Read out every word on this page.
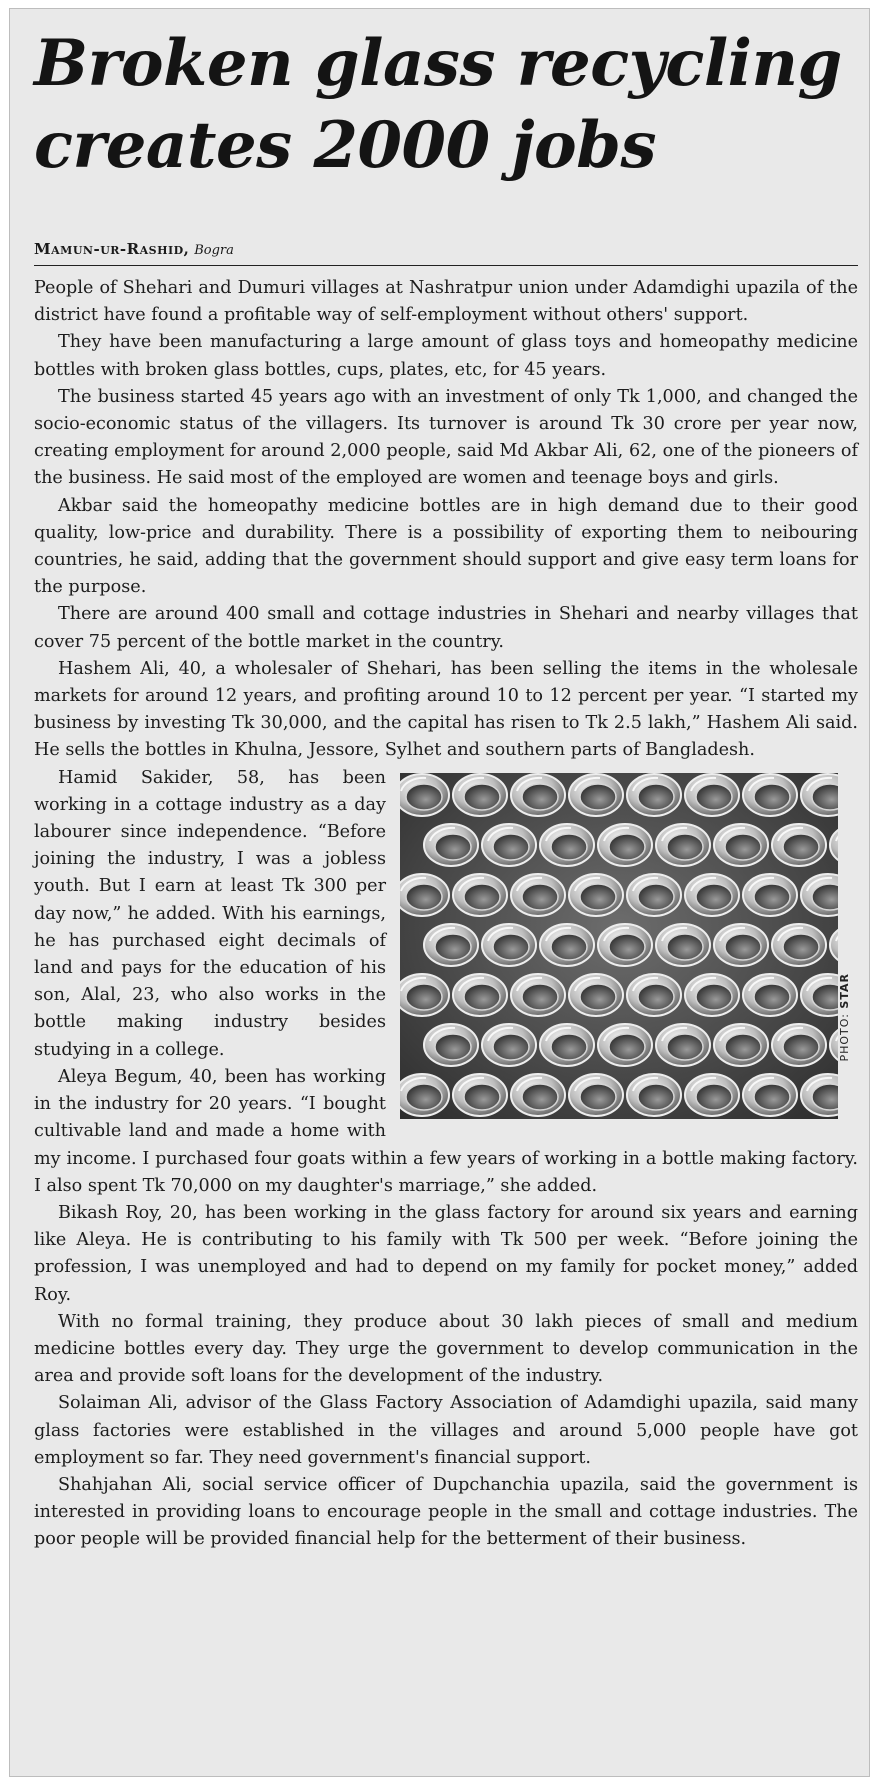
Broken glass recycling creates 2000 jobs
Mamun-ur-Rashid, Bogra

People of Shehari and Dumuri villages at Nashratpur union under Adamdighi upazila of the district have found a profitable way of self-employment without others' support.

They have been manufacturing a large amount of glass toys and homeopathy medicine bottles with broken glass bottles, cups, plates, etc, for 45 years.

The business started 45 years ago with an investment of only Tk 1,000, and changed the socio-economic status of the villagers. Its turnover is around Tk 30 crore per year now, creating employment for around 2,000 people, said Md Akbar Ali, 62, one of the pioneers of the business. He said most of the employed are women and teenage boys and girls.

Akbar said the homeopathy medicine bottles are in high demand due to their good quality, low-price and durability. There is a possibility of exporting them to neibouring countries, he said, adding that the government should support and give easy term loans for the purpose.

There are around 400 small and cottage industries in Shehari and nearby villages that cover 75 percent of the bottle market in the country.

Hashem Ali, 40, a wholesaler of Shehari, has been selling the items in the wholesale markets for around 12 years, and profiting around 10 to 12 percent per year. “I started my business by investing Tk 30,000, and the capital has risen to Tk 2.5 lakh,” Hashem Ali said. He sells the bottles in Khulna, Jessore, Sylhet and southern parts of Bangladesh.

PHOTO: STAR

Hamid Sakider, 58, has been working in a cottage industry as a day labourer since independence. “Before joining the industry, I was a jobless youth. But I earn at least Tk 300 per day now,” he added. With his earnings, he has purchased eight decimals of land and pays for the education of his son, Alal, 23, who also works in the bottle making industry besides studying in a college.

Aleya Begum, 40, been has working in the industry for 20 years. “I bought cultivable land and made a home with my income. I purchased four goats within a few years of working in a bottle making factory. I also spent Tk 70,000 on my daughter's marriage,” she added.

Bikash Roy, 20, has been working in the glass factory for around six years and earning like Aleya. He is contributing to his family with Tk 500 per week. “Before joining the profession, I was unemployed and had to depend on my family for pocket money,” added Roy.

With no formal training, they produce about 30 lakh pieces of small and medium medicine bottles every day. They urge the government to develop communication in the area and provide soft loans for the development of the industry.

Solaiman Ali, advisor of the Glass Factory Association of Adamdighi upazila, said many glass factories were established in the villages and around 5,000 people have got employment so far. They need government's financial support.

Shahjahan Ali, social service officer of Dupchanchia upazila, said the government is interested in providing loans to encourage people in the small and cottage industries. The poor people will be provided financial help for the betterment of their business.
